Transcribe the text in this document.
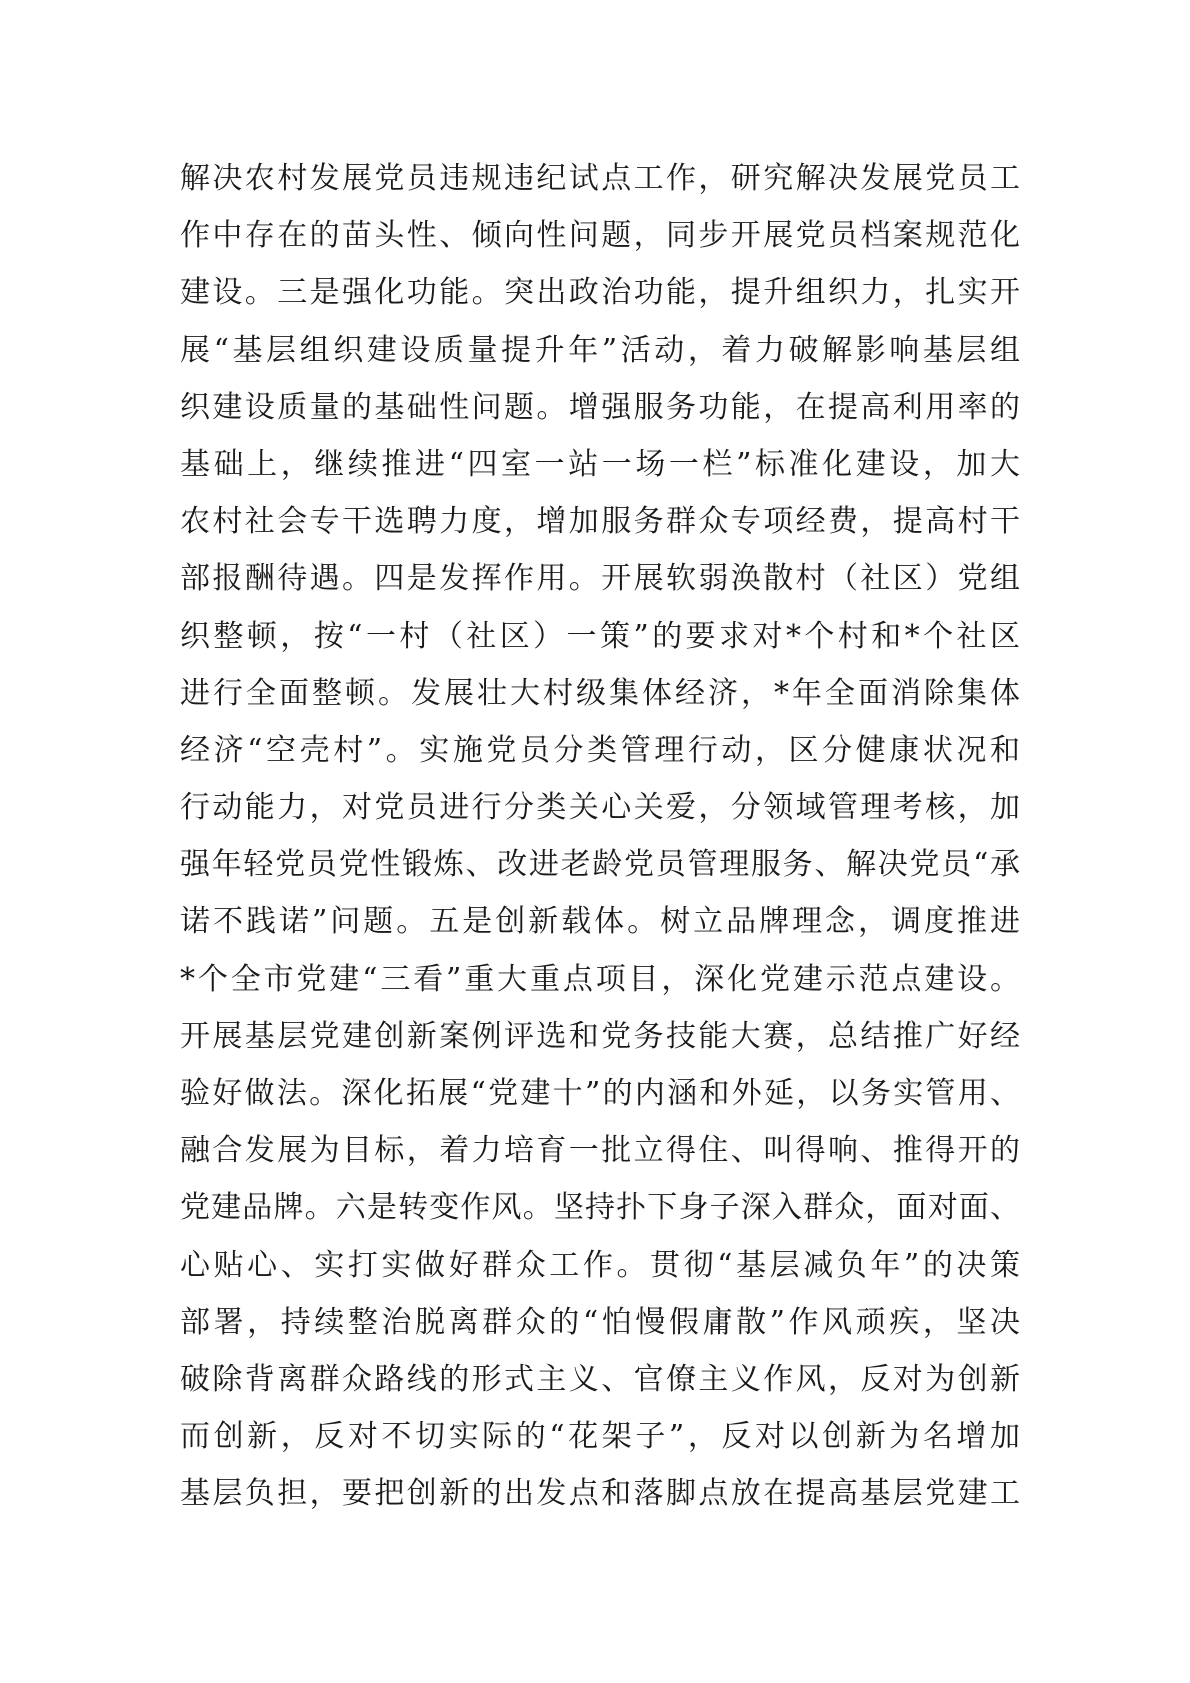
解决农村发展党员违规违纪试点工作，研究解决发展党员工
作中存在的苗头性、倾向性问题，同步开展党员档案规范化
建设。三是强化功能。突出政治功能，提升组织力，扎实开
展“基层组织建设质量提升年”活动，着力破解影响基层组
织建设质量的基础性问题。增强服务功能，在提高利用率的
基础上，继续推进“四室一站一场一栏”标准化建设，加大
农村社会专干选聘力度，增加服务群众专项经费，提高村干
部报酬待遇。四是发挥作用。开展软弱涣散村（社区）党组
织整顿，按“一村（社区）一策”的要求对*个村和*个社区
进行全面整顿。发展壮大村级集体经济，*年全面消除集体
经济“空壳村”。实施党员分类管理行动，区分健康状况和
行动能力，对党员进行分类关心关爱，分领域管理考核，加
强年轻党员党性锻炼、改进老龄党员管理服务、解决党员“承
诺不践诺”问题。五是创新载体。树立品牌理念，调度推进
*个全市党建“三看”重大重点项目，深化党建示范点建设。
开展基层党建创新案例评选和党务技能大赛，总结推广好经
验好做法。深化拓展“党建十”的内涵和外延，以务实管用、
融合发展为目标，着力培育一批立得住、叫得响、推得开的
党建品牌。六是转变作风。坚持扑下身子深入群众，面对面、
心贴心、实打实做好群众工作。贯彻“基层减负年”的决策
部署，持续整治脱离群众的“怕慢假庸散”作风顽疾，坚决
破除背离群众路线的形式主义、官僚主义作风，反对为创新
而创新，反对不切实际的“花架子”，反对以创新为名增加
基层负担，要把创新的出发点和落脚点放在提高基层党建工
